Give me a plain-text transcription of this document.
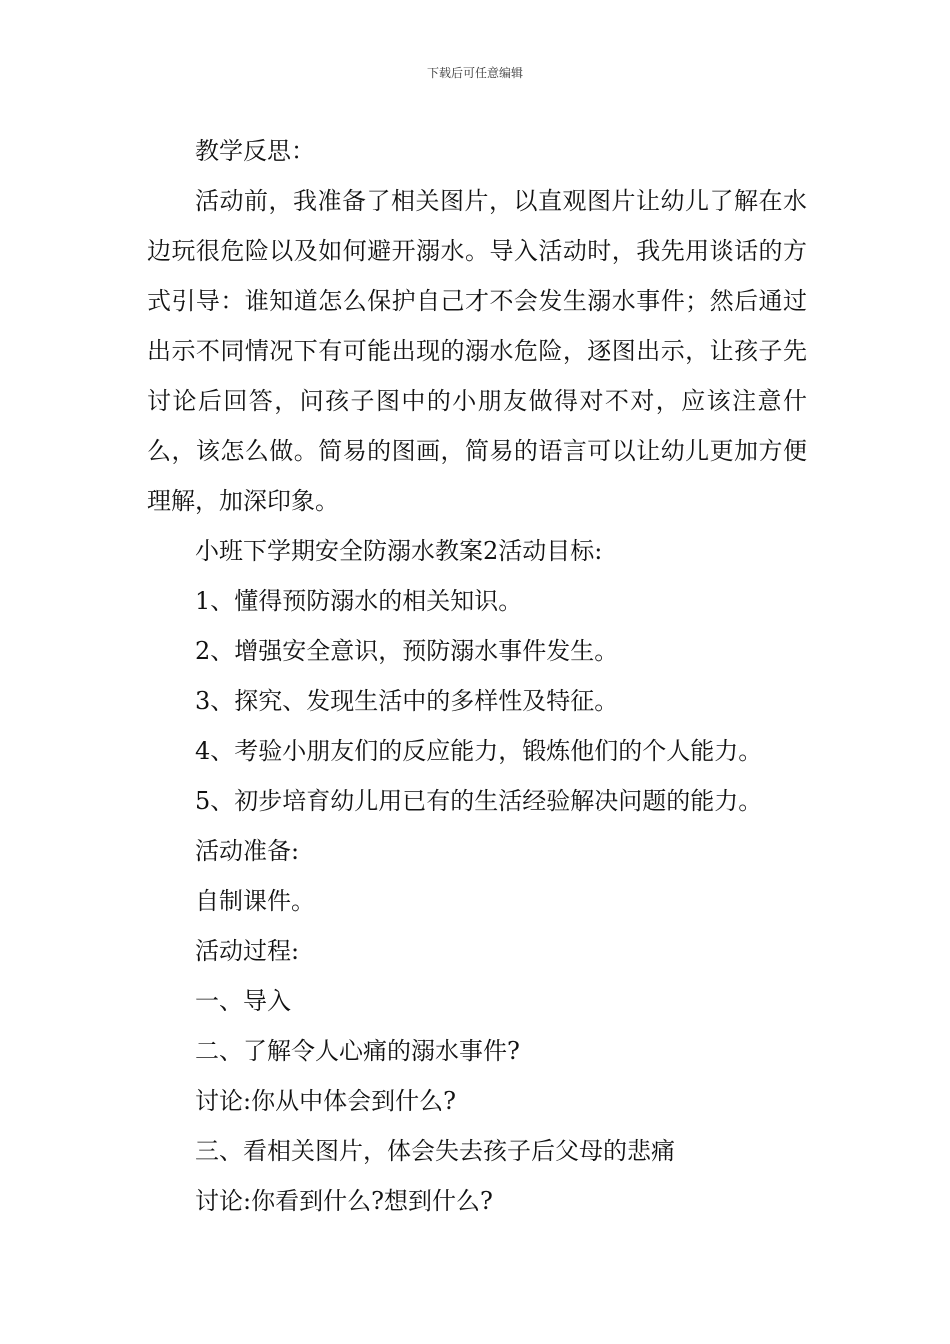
下载后可任意编辑

教学反思：

活动前，我准备了相关图片，以直观图片让幼儿了解在水边玩很危险以及如何避开溺水。导入活动时，我先用谈话的方式引导：谁知道怎么保护自己才不会发生溺水事件；然后通过出示不同情况下有可能出现的溺水危险，逐图出示，让孩子先讨论后回答，问孩子图中的小朋友做得对不对，应该注意什么，该怎么做。简易的图画，简易的语言可以让幼儿更加方便理解，加深印象。

小班下学期安全防溺水教案2活动目标:

1、懂得预防溺水的相关知识。

2、增强安全意识，预防溺水事件发生。

3、探究、发现生活中的多样性及特征。

4、考验小朋友们的反应能力，锻炼他们的个人能力。

5、初步培育幼儿用已有的生活经验解决问题的能力。

活动准备:

自制课件。

活动过程:

一、导入

二、了解令人心痛的溺水事件?

讨论:你从中体会到什么?

三、看相关图片，体会失去孩子后父母的悲痛

讨论:你看到什么?想到什么?
